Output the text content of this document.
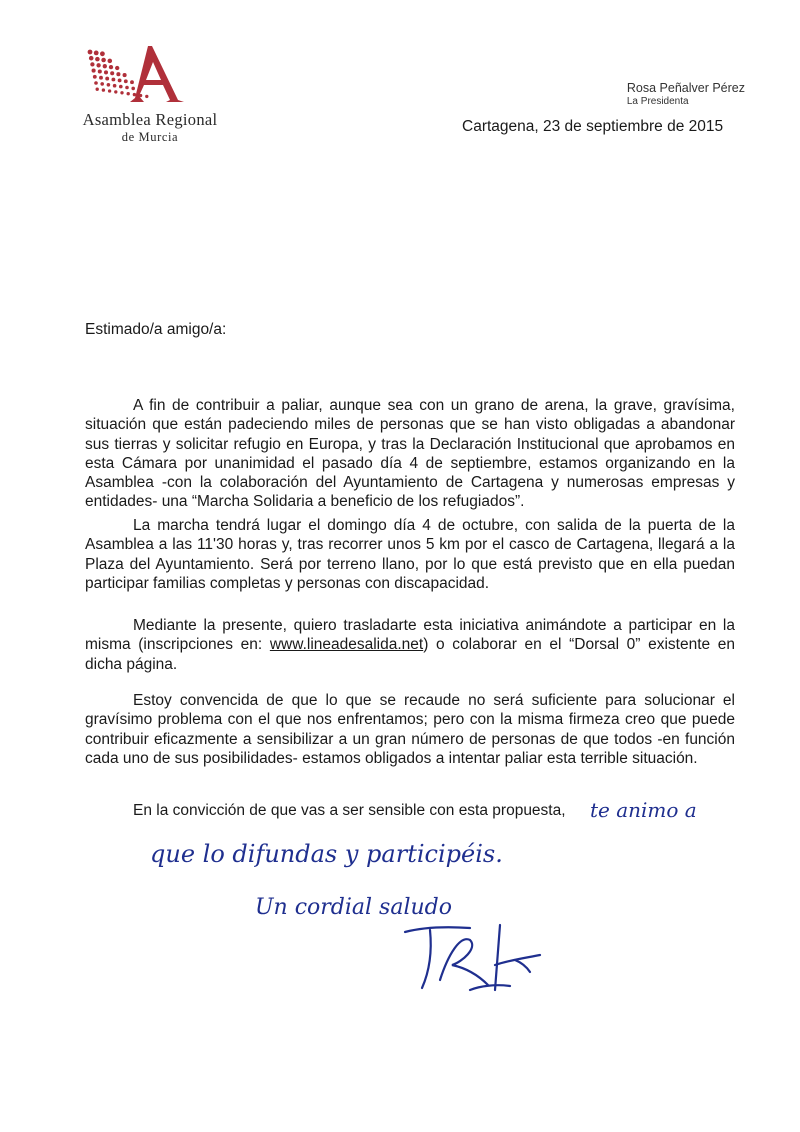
Asamblea Regional
de Murcia
Rosa Peñalver Pérez
La Presidenta
Cartagena, 23 de septiembre de 2015
Estimado/a amigo/a:

A fin de contribuir a paliar, aunque sea con un grano de arena, la grave, gravísima, situación que están padeciendo miles de personas que se han visto obligadas a abandonar sus tierras y solicitar refugio en Europa, y tras la Declaración Institucional que aprobamos en esta Cámara por unanimidad el pasado día 4 de septiembre, estamos organizando en la Asamblea -con la colaboración del Ayuntamiento de Cartagena y numerosas empresas y entidades- una “Marcha Solidaria a beneficio de los refugiados”.

La marcha tendrá lugar el domingo día 4 de octubre, con salida de la puerta de la Asamblea a las 11'30 horas y, tras recorrer unos 5 km por el casco de Cartagena, llegará a la Plaza del Ayuntamiento. Será por terreno llano, por lo que está previsto que en ella puedan participar familias completas y personas con discapacidad.

Mediante la presente, quiero trasladarte esta iniciativa animándote a participar en la misma (inscripciones en: www.lineadesalida.net) o colaborar en el “Dorsal 0” existente en dicha página.

Estoy convencida de que lo que se recaude no será suficiente para solucionar el gravísimo problema con el que nos enfrentamos; pero con la misma firmeza creo que puede contribuir eficazmente a sensibilizar a un gran número de personas de que todos -en función cada uno de sus posibilidades- estamos obligados a intentar paliar esta terrible situación.

En la convicción de que vas a ser sensible con esta propuesta, te animo a
que lo difundas y participéis.
Un cordial saludo
